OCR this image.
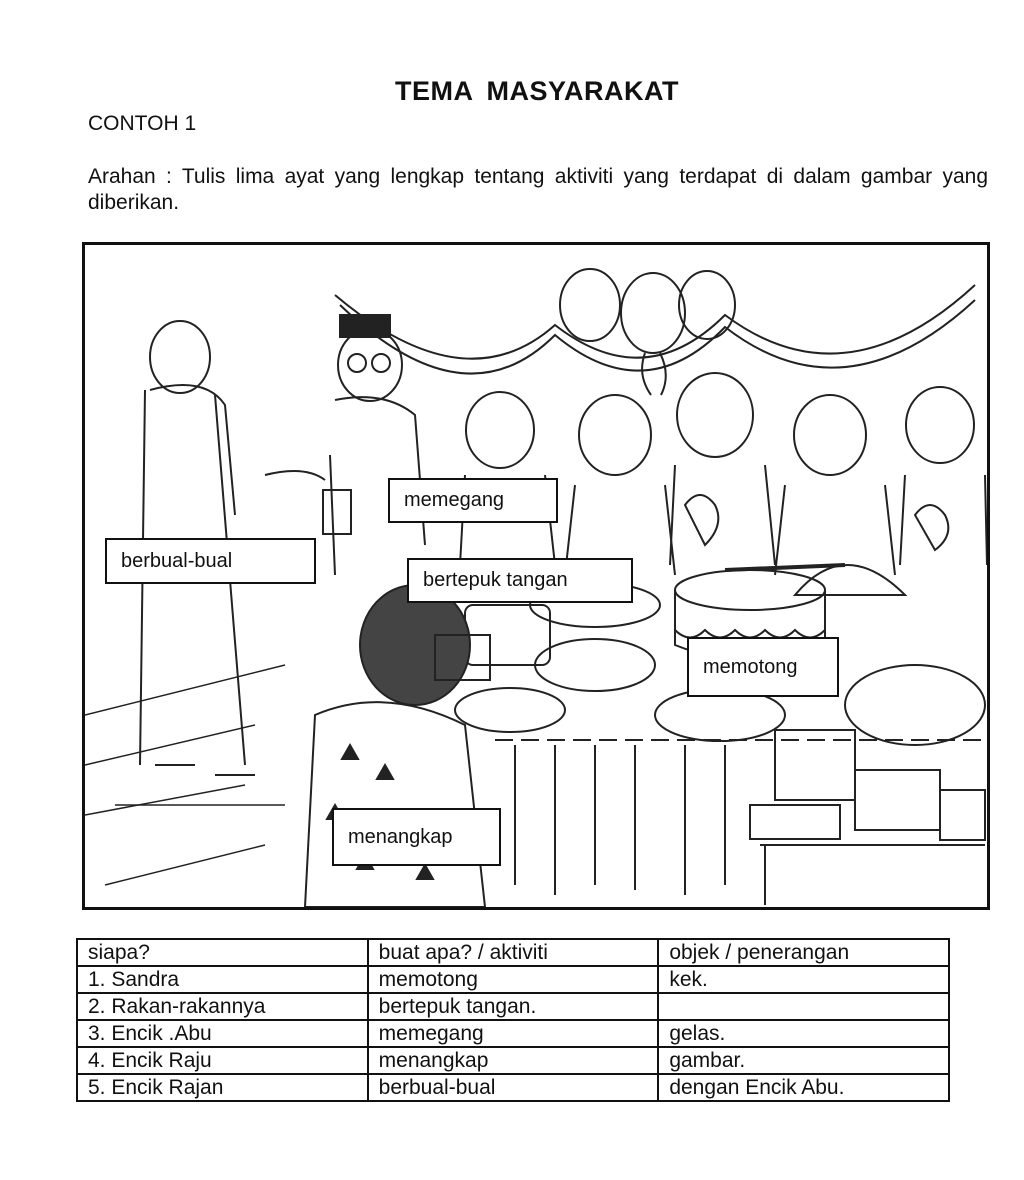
TEMA MASYARAKAT
CONTOH 1
Arahan : Tulis lima ayat yang lengkap tentang aktiviti yang terdapat di dalam gambar yang diberikan.
berbual-bual
memegang
bertepuk tangan
memotong
menangkap
siapa?	buat apa? / aktiviti	objek / penerangan
1. Sandra	memotong	kek.
2. Rakan-rakannya	bertepuk tangan.	
3. Encik .Abu	memegang	gelas.
4. Encik Raju	menangkap	gambar.
5. Encik Rajan	berbual-bual	dengan Encik Abu.
